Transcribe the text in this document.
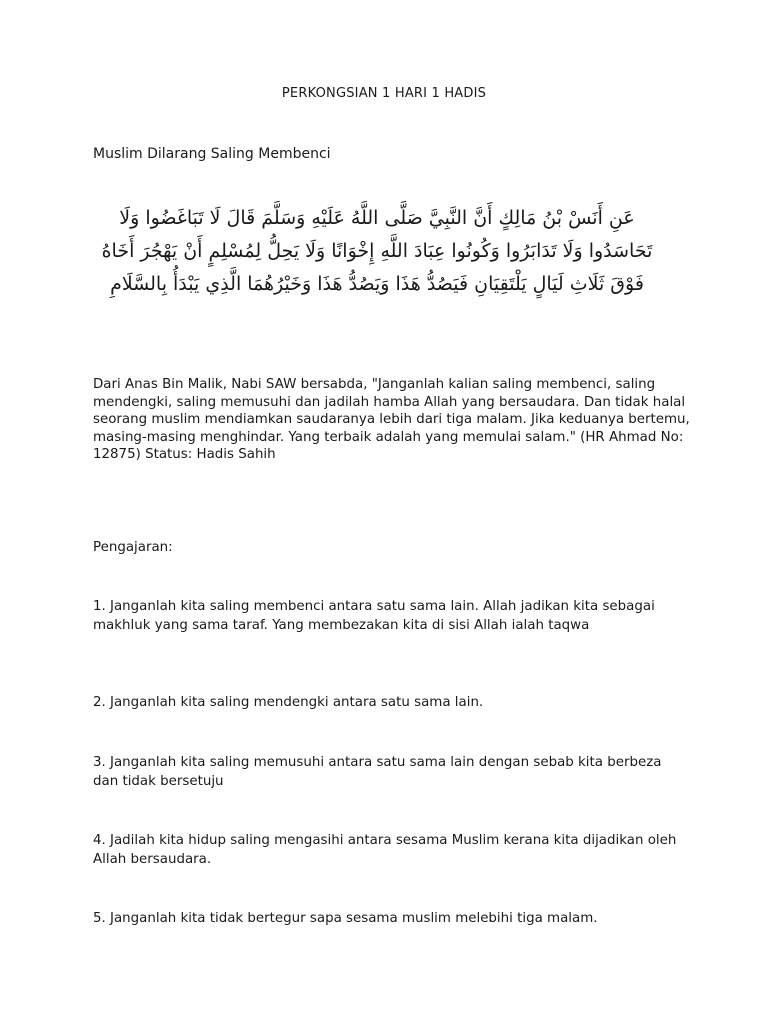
PERKONGSIAN 1 HARI 1 HADIS
Muslim Dilarang Saling Membenci
عَنِ أَنَسْ بْنُ مَالِكٍ أَنَّ النَّبِيَّ صَلَّى اللَّهُ عَلَيْهِ وَسَلَّمَ قَالَ لَا تَبَاغَضُوا وَلَا تَحَاسَدُوا وَلَا تَدَابَرُوا وَكُونُوا عِبَادَ اللَّهِ إِخْوَانًا وَلَا يَحِلُّ لِمُسْلِمٍ أَنْ يَهْجُرَ أَخَاهُ فَوْقَ ثَلَاثِ لَيَالٍ يَلْتَقِيَانِ فَيَصُدُّ هَذَا وَيَصُدُّ هَذَا وَخَيْرُهُمَا الَّذِي يَبْدَأُ بِالسَّلَامِ
Dari Anas Bin Malik, Nabi SAW bersabda, "Janganlah kalian saling membenci, saling mendengki, saling memusuhi dan jadilah hamba Allah yang bersaudara. Dan tidak halal seorang muslim mendiamkan saudaranya lebih dari tiga malam. Jika keduanya bertemu, masing-masing menghindar. Yang terbaik adalah yang memulai salam." (HR Ahmad No: 12875) Status: Hadis Sahih
Pengajaran:
1. Janganlah kita saling membenci antara satu sama lain. Allah jadikan kita sebagai makhluk yang sama taraf. Yang membezakan kita di sisi Allah ialah taqwa
2. Janganlah kita saling mendengki antara satu sama lain.
3. Janganlah kita saling memusuhi antara satu sama lain dengan sebab kita berbeza dan tidak bersetuju
4. Jadilah kita hidup saling mengasihi antara sesama Muslim kerana kita dijadikan oleh Allah bersaudara.
5. Janganlah kita tidak bertegur sapa sesama muslim melebihi tiga malam.
